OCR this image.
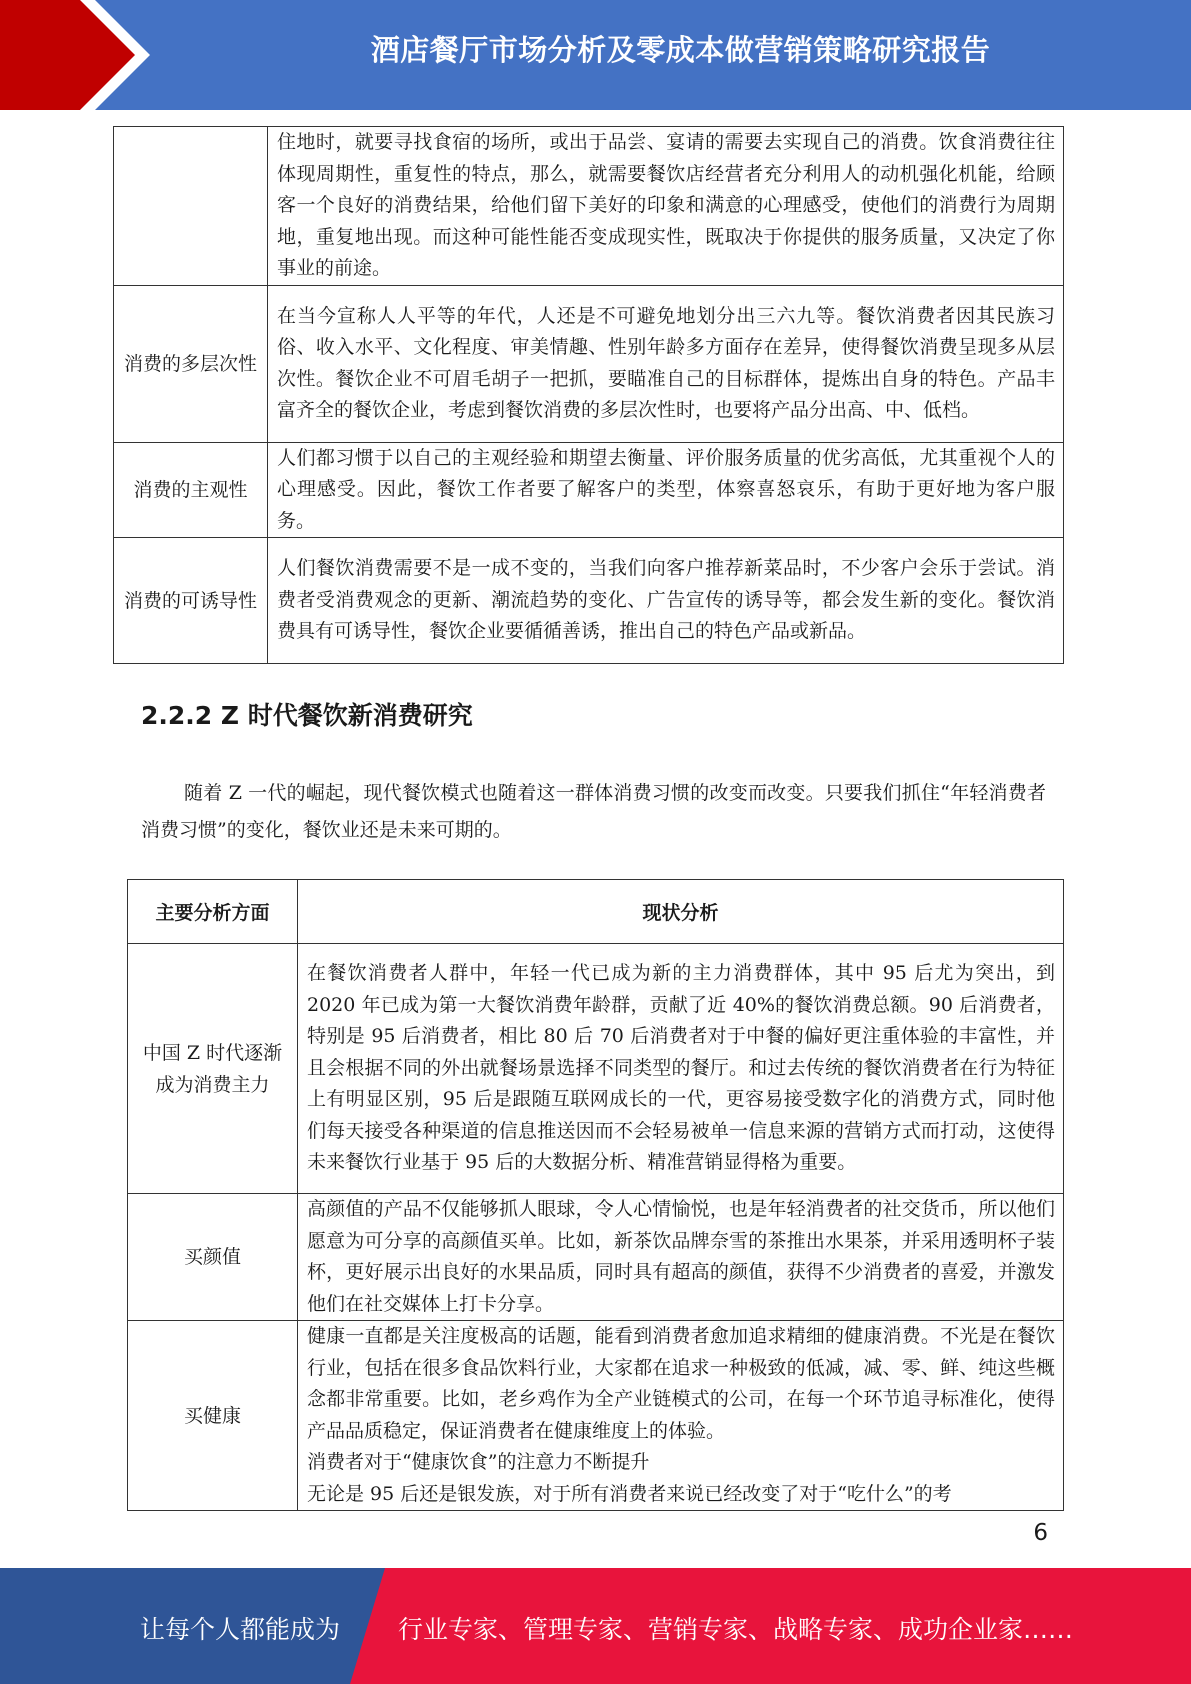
酒店餐厅市场分析及零成本做营销策略研究报告
	住地时，就要寻找食宿的场所，或出于品尝、宴请的需要去实现自己的消费。饮食消费往往体现周期性，重复性的特点，那么，就需要餐饮店经营者充分利用人的动机强化机能，给顾客一个良好的消费结果，给他们留下美好的印象和满意的心理感受，使他们的消费行为周期地，重复地出现。而这种可能性能否变成现实性，既取决于你提供的服务质量，又决定了你事业的前途。
消费的多层次性	在当今宣称人人平等的年代，人还是不可避免地划分出三六九等。餐饮消费者因其民族习俗、收入水平、文化程度、审美情趣、性别年龄多方面存在差异，使得餐饮消费呈现多从层次性。餐饮企业不可眉毛胡子一把抓，要瞄准自己的目标群体，提炼出自身的特色。产品丰富齐全的餐饮企业，考虑到餐饮消费的多层次性时，也要将产品分出高、中、低档。
消费的主观性	人们都习惯于以自己的主观经验和期望去衡量、评价服务质量的优劣高低，尤其重视个人的心理感受。因此，餐饮工作者要了解客户的类型，体察喜怒哀乐，有助于更好地为客户服务。
消费的可诱导性	人们餐饮消费需要不是一成不变的，当我们向客户推荐新菜品时，不少客户会乐于尝试。消费者受消费观念的更新、潮流趋势的变化、广告宣传的诱导等，都会发生新的变化。餐饮消费具有可诱导性，餐饮企业要循循善诱，推出自己的特色产品或新品。
2.2.2 Z 时代餐饮新消费研究
随着 Z 一代的崛起，现代餐饮模式也随着这一群体消费习惯的改变而改变。只要我们抓住“年轻消费者消费习惯”的变化，餐饮业还是未来可期的。
主要分析方面	现状分析
中国 Z 时代逐渐成为消费主力	在餐饮消费者人群中，年轻一代已成为新的主力消费群体，其中 95 后尤为突出，到 2020 年已成为第一大餐饮消费年龄群，贡献了近 40%的餐饮消费总额。90 后消费者，特别是 95 后消费者，相比 80 后 70 后消费者对于中餐的偏好更注重体验的丰富性，并且会根据不同的外出就餐场景选择不同类型的餐厅。和过去传统的餐饮消费者在行为特征上有明显区别，95 后是跟随互联网成长的一代，更容易接受数字化的消费方式，同时他们每天接受各种渠道的信息推送因而不会轻易被单一信息来源的营销方式而打动，这使得未来餐饮行业基于 95 后的大数据分析、精准营销显得格为重要。
买颜值	高颜值的产品不仅能够抓人眼球，令人心情愉悦，也是年轻消费者的社交货币，所以他们愿意为可分享的高颜值买单。比如，新茶饮品牌奈雪的茶推出水果茶，并采用透明杯子装杯，更好展示出良好的水果品质，同时具有超高的颜值，获得不少消费者的喜爱，并激发他们在社交媒体上打卡分享。
买健康	健康一直都是关注度极高的话题，能看到消费者愈加追求精细的健康消费。不光是在餐饮行业，包括在很多食品饮料行业，大家都在追求一种极致的低减，减、零、鲜、纯这些概念都非常重要。比如，老乡鸡作为全产业链模式的公司，在每一个环节追寻标准化，使得产品品质稳定，保证消费者在健康维度上的体验。
消费者对于“健康饮食”的注意力不断提升
无论是 95 后还是银发族，对于所有消费者来说已经改变了对于“吃什么”的考
6
让每个人都能成为 行业专家、管理专家、营销专家、战略专家、成功企业家……
